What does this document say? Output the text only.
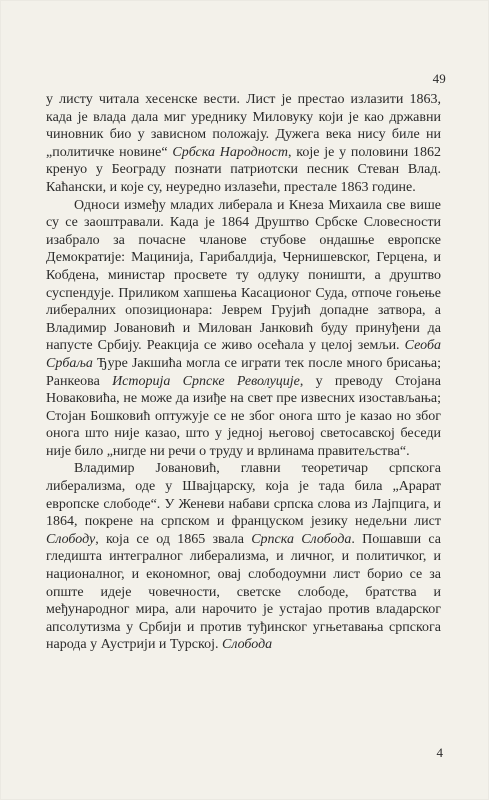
49

у листу читала хесенске вести. Лист је престао излазити 1863, када је влада дала миг уреднику Миловуку који је као државни чиновник био у зависном положају. Дужега века нису биле ни „политичке новине“ Србска Народност, које је у половини 1862 кренуо у Београду познати патриотски песник Стеван Влад. Каћански, и које су, неуредно излазећи, престале 1863 године.

Односи између младих либерала и Кнеза Михаила све више су се заоштравали. Када је 1864 Друштво Србске Словесности изабрало за почасне чланове стубове ондашње европске Демократије: Мацинија, Гарибалдија, Чернишевског, Герцена, и Кобдена, министар просвете ту одлуку поништи, а друштво суспендује. Приликом хапшења Касационог Суда, отпоче гоњење либералних опозиционара: Јеврем Грујић допадне затвора, а Владимир Јовановић и Милован Јанковић буду принуђени да напусте Србију. Реакција се живо осећала у целој земљи. Сеоба Србаља Ђуре Јакшића могла се играти тек после много брисања; Ранкеова Историја Српске Револуције, у преводу Стојана Новаковића, не може да изиђе на свет пре извесних изостављања; Стојан Бошковић оптужује се не због онога што је казао но због онога што није казао, што у једној његовој светосавској беседи није било „нигде ни речи о труду и врлинама правитељства“.

Владимир Јовановић, главни теоретичар српскога либерализма, оде у Швајцарску, која је тада била „Арарат европске слободе“. У Женеви набави српска слова из Лајпцига, и 1864, покрене на српском и француском језику недељни лист Слободу, која се од 1865 звала Српска Слобода. Пошавши са гледишта интегралног либерализма, и личног, и политичког, и националног, и економног, овај слободоумни лист борио се за опште идеје човечности, светске слободе, братства и међународног мира, али нарочито је устајао против владарског апсолутизма у Србији и против туђинског угњетавања српскога народа у Аустрији и Турској. Слобода

4
